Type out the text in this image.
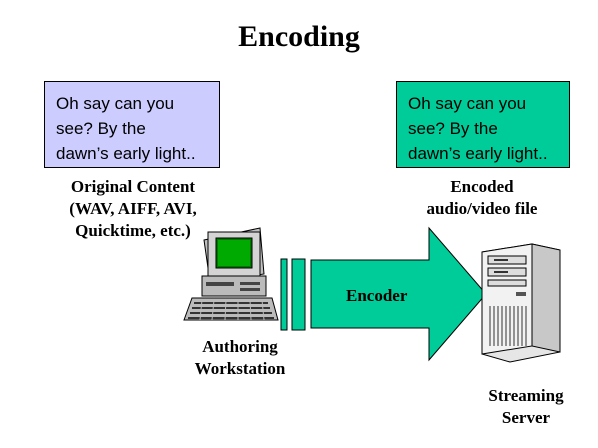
Encoding
Oh say can you
see? By the
dawn’s early light..
Oh say can you
see? By the
dawn’s early light..
Original Content
(WAV, AIFF, AVI,
Quicktime, etc.)
Encoded
audio/video file
Encoder
Authoring
Workstation
Streaming
Server
